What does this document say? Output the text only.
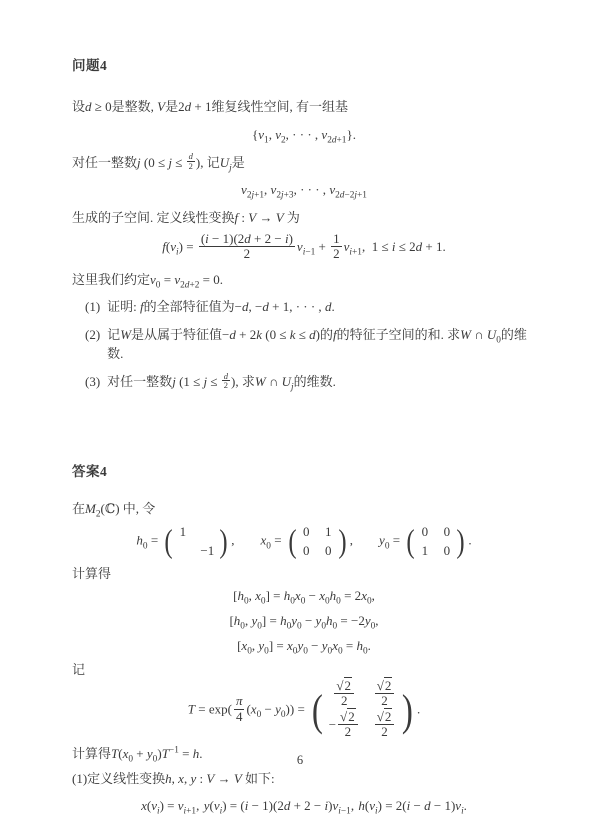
问题4
设d ≥ 0是整数, V是2d + 1维复线性空间, 有一组基
{$v_1$, $v_2$, · · · , $v_{2d+1}$}.
对任一整数j ($0 \le j \le \frac{d}{2}$ ), 记$U_j$是
$v_{2j+1}$, $v_{2j+3}$, · · · , $v_{2d-2j+1}$
生成的子空间. 定义线性变换f : V → V 为
$f(v_i) = \frac{(i - 1)(2d + 2 - i)}{2} v_{i-1} + \frac{1}{2} v_{i+1}$,  1 ≤ i ≤ 2d + 1.
这里我们约定$v_0 = v_{2d+2} = 0$.
(1) 证明: f的全部特征值为−d, −d + 1, · · · , d.
(2) 记W是从属于特征值−d + 2k (0 ≤ k ≤ d)的f的特征子空间的和. 求W ∩ $U_0$的维数.
(3) 对任一整数j ($1 \le j \le \frac{d}{2}$ ), 求W ∩ $U_j$的维数.
答案4
在$M_2(ℂ)$ 中, 令
$h_0$ = ( 1
−1 ) ,  $x_0$ = ( 0 1
0 0 ) ,  $y_0$ = ( 0 0
1 0 ) .
计算得
[$h_0$, $x_0] = h_0x_0 - x_0h_0 = 2x_0$,
[$h_0$, $y_0] = h_0y_0 - y_0h_0 = -2y_0$,
[$x_0$, $y_0] = x_0y_0 - y_0x_0 = h_0$.
记
$T = \exp( \frac{\pi}{4} (x_0 - y_0))$ = ( $\frac{√2}{2} \frac{√2}{2}$
− $\frac{√2}{2} \frac{√2}{2}$ ) .
计算得$T(x_0 + y_0)T^{-1} = h$.
(1)定义线性变换h, x, y : V → V 如下:
$x(v_i) = v_{i+1}$, $y(v_i) = (i - 1)(2d + 2 - i)v_{i-1}$, $h(v_i) = 2(i - d - 1)v_i$.
6
